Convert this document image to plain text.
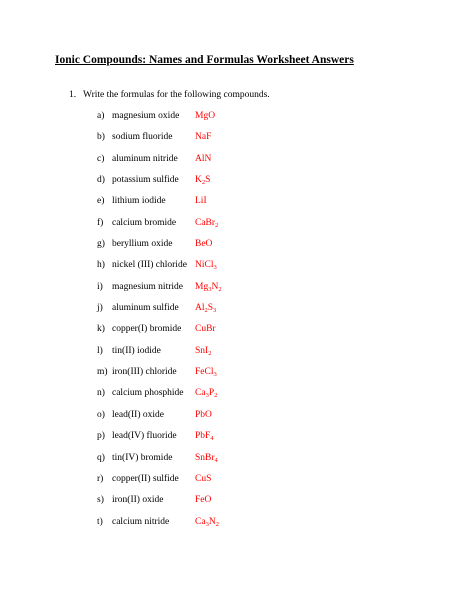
Ionic Compounds: Names and Formulas Worksheet Answers
1. Write the formulas for the following compounds.
a) magnesium oxide MgO
b) sodium fluoride NaF
c) aluminum nitride AlN
d) potassium sulfide $K_2S$
e) lithium iodide	LiI
f) calcium bromide CaBr$_2$
g) beryllium oxide BeO
h) nickel (III) chloride NiCl$_3$
i) magnesium nitride $Mg_3N_2$
j) aluminum sulfide $Al_2S_3$
k) copper(I) bromide CuBr
l) tin(II) iodide	SnI$_2$
m) iron(III) chloride FeCl$_3$
n) calcium phosphide $Ca_3P_2$
o) lead(II) oxide	PbO
p) lead(IV) fluoride PbF$_4$
q) tin(IV) bromide SnBr$_4$
r) copper(II) sulfide CuS
s) iron(II) oxide	FeO
t) calcium nitride	$Ca_3N_2$
